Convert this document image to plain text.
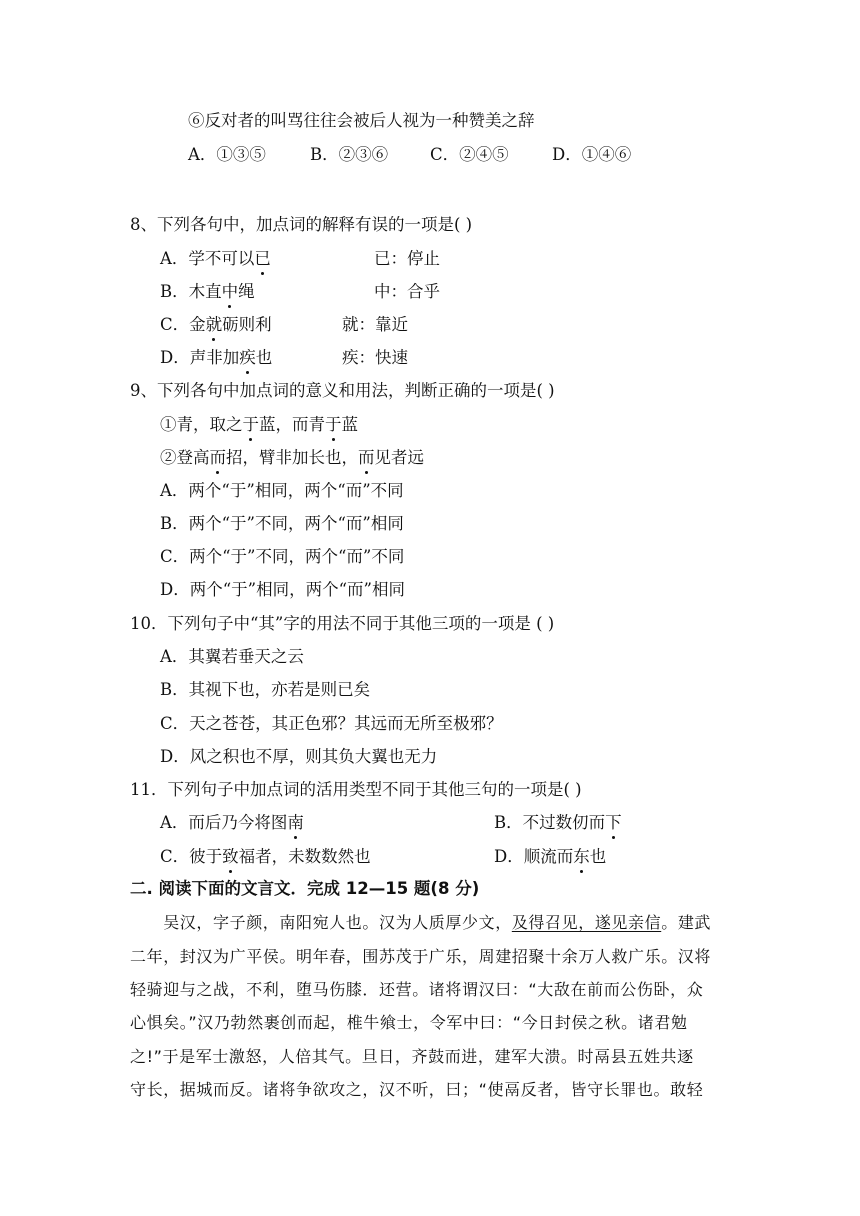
⑥反对者的叫骂往往会被后人视为一种赞美之辞
A．①③⑤	B．②③⑥	C．②④⑤	D．①④⑥
8、下列各句中，加点词的解释有误的一项是( )
A．学不可以已	已：停止
B．木直中绳	中：合乎
C．金就砺则利	就：靠近
D．声非加疾也	疾：快速
9、下列各句中加点词的意义和用法，判断正确的一项是( )
①青，取之于蓝，而青于蓝
②登高而招，臂非加长也，而见者远
A．两个“于”相同，两个“而”不同
B．两个“于”不同，两个“而”相同
C．两个“于”不同，两个“而”不同
D．两个“于”相同，两个“而”相同
10．下列句子中“其”字的用法不同于其他三项的一项是 ( )
A．其翼若垂天之云
B．其视下也，亦若是则已矣
C．天之苍苍，其正色邪？其远而无所至极邪？
D．风之积也不厚，则其负大翼也无力
11．下列句子中加点词的活用类型不同于其他三句的一项是( )
A．而后乃今将图南	B．不过数仞而下
C．彼于致福者，未数数然也	D．顺流而东也
二. 阅读下面的文言文．完成 12—15 题(8 分)
　　吴汉，字子颜，南阳宛人也。汉为人质厚少文，及得召见，遂见亲信。建武
二年，封汉为广平侯。明年春，围苏茂于广乐，周建招聚十余万人救广乐。汉将
轻骑迎与之战，不利，堕马伤膝．还营。诸将谓汉曰：“大敌在前而公伤卧，众
心惧矣。”汉乃勃然裹创而起，椎牛飨士，令军中曰：“今日封侯之秋。诸君勉
之!”于是军士激怒，人倍其气。旦日，齐鼓而进，建军大溃。时鬲县五姓共逐
守长，据城而反。诸将争欲攻之，汉不听，曰；“使鬲反者，皆守长罪也。敢轻
